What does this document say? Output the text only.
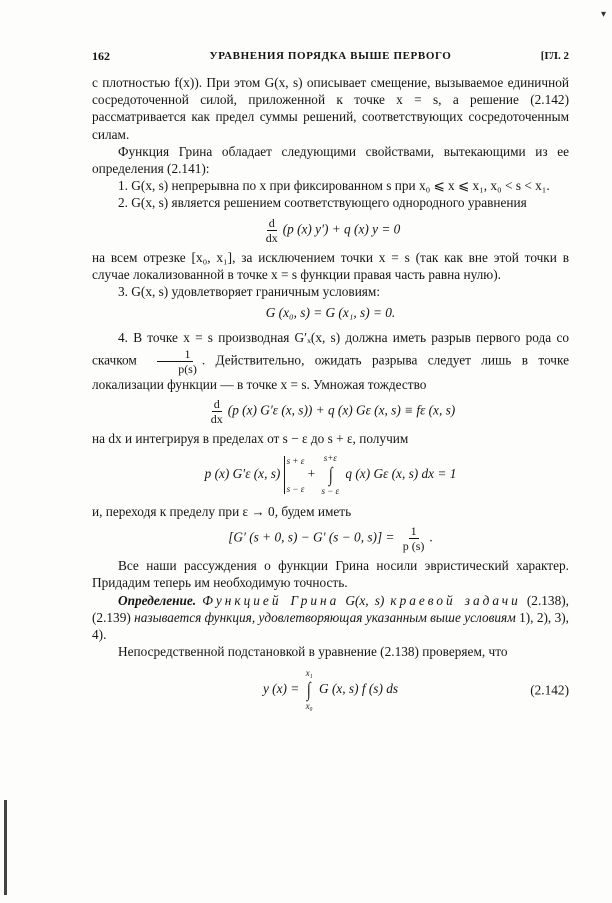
▾
162	УРАВНЕНИЯ ПОРЯДКА ВЫШЕ ПЕРВОГО	[ГЛ. 2

с плотностью f(x)). При этом G(x, s) описывает смещение, вызываемое единичной сосредоточенной силой, приложенной к точке x = s, а решение (2.142) рассматривается как предел суммы решений, соответствующих сосредоточенным силам.

Функция Грина обладает следующими свойствами, вытекающими из ее определения (2.141):

1. G(x, s) непрерывна по x при фиксированном s при x₀ ⩽ x ⩽ x₁, x₀ < s < x₁.

2. G(x, s) является решением соответствующего однородного уравнения

$\frac{d}{dx} (p$ (x) y′) + q (x) y = 0

на всем отрезке [x₀, x₁], за исключением точки x = s (так как вне этой точки в случае локализованной в точке x = s функции правая часть равна нулю).

3. G(x, s) удовлетворяет граничным условиям:

G (x₀, s) = G (x₁, s) = 0.

4. В точке x = s производная G′ₓ(x, s) должна иметь разрыв первого рода со скачком $\frac{1}{p(s)}$ . Действительно, ожидать разрыва следует лишь в точке локализации функции — в точке x = s. Умножая тождество

$\frac{d}{dx} (p$ (x) G′ε (x, s)) + q (x) Gε (x, s) ≡ fε (x, s)

на dx и интегрируя в пределах от s − ε до s + ε, получим

p (x) G′ε (x, s)
s + ε
s − ε
+
s+ε
∫
s − ε
q (x) Gε (x, s) dx = 1

и, переходя к пределу при ε → 0, будем иметь

[G′ (s + 0, s) − G′ (s − 0, $s)] = \frac{1}{p (s)}$ .

Все наши рассуждения о функции Грина носили эвристический характер. Придадим теперь им необходимую точность.

Определение. Функцией Грина G(x, s) краевой задачи (2.138), (2.139) называется функция, удовлетворяющая указанным выше условиям 1), 2), 3), 4).

Непосредственной подстановкой в уравнение (2.138) проверяем, что

y (x) =
x₁
∫
x₀
G (x, s) f (s) ds	(2.142)
